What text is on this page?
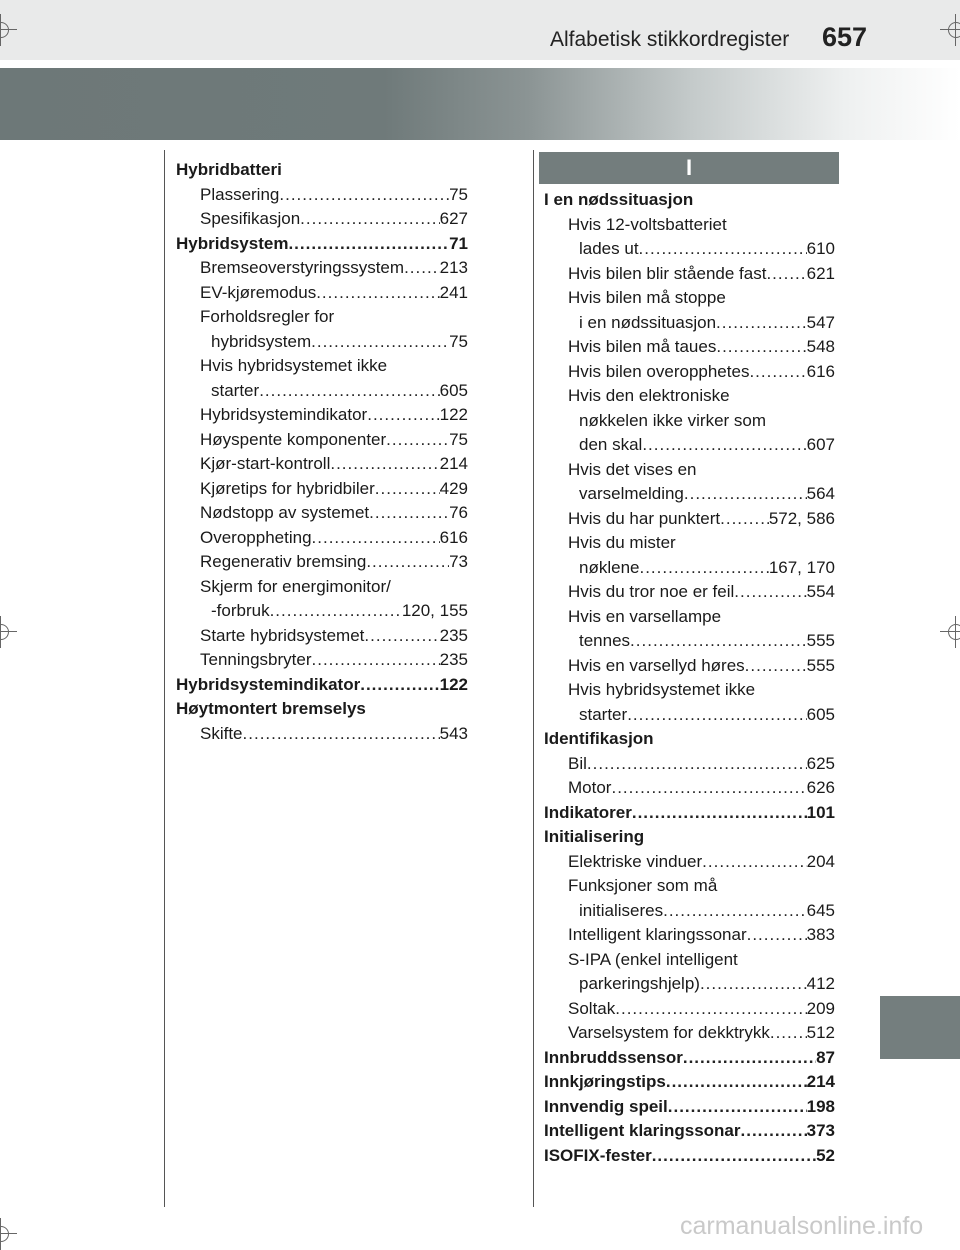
Alfabetisk stikkordregister 657
Hybridbatteri
Plassering .....	75
Spesifikasjon .....	627
Hybridsystem .....	71
Bremseoverstyringssystem ..... 213
EV-kjøremodus .....	241
Forholdsregler for
hybridsystem .....	75
Hvis hybridsystemet ikke
starter .....	605
Hybridsystemindikator .....	122
Høyspente komponenter .....	75
Kjør-start-kontroll .....	214
Kjøretips for hybridbiler .....	429
Nødstopp av systemet .....	76
Overoppheting .....	616
Regenerativ bremsing .....	73
Skjerm for energimonitor/
-forbruk .....	120, 155
Starte hybridsystemet .....	235
Tenningsbryter .....	235
Hybridsystemindikator .....	122
Høytmontert bremselys
Skifte .....	543
I
I en nødssituasjon
Hvis 12-voltsbatteriet
lades ut .....	610
Hvis bilen blir stående fast ..... 621
Hvis bilen må stoppe
i en nødssituasjon .....	547
Hvis bilen må taues .....	548
Hvis bilen overopphetes .....	616
Hvis den elektroniske
nøkkelen ikke virker som
den skal .....	607
Hvis det vises en
varselmelding .....	564
Hvis du har punktert .....	572, 586
Hvis du mister
nøklene .....	167, 170
Hvis du tror noe er feil .....	554
Hvis en varsellampe
tennes .....	555
Hvis en varsellyd høres .....	555
Hvis hybridsystemet ikke
starter .....	605
Identifikasjon
Bil .....	625
Motor .....	626
Indikatorer .....	101
Initialisering
Elektriske vinduer .....	204
Funksjoner som må
initialiseres .....	645
Intelligent klaringssonar .....	383
S-IPA (enkel intelligent
parkeringshjelp) .....	412
Soltak .....	209
Varselsystem for dekktrykk ..... 512
Innbruddssensor .....	87
Innkjøringstips .....	214
Innvendig speil .....	198
Intelligent klaringssonar .....	373
ISOFIX-fester .....	52
carmanualsonline.info
